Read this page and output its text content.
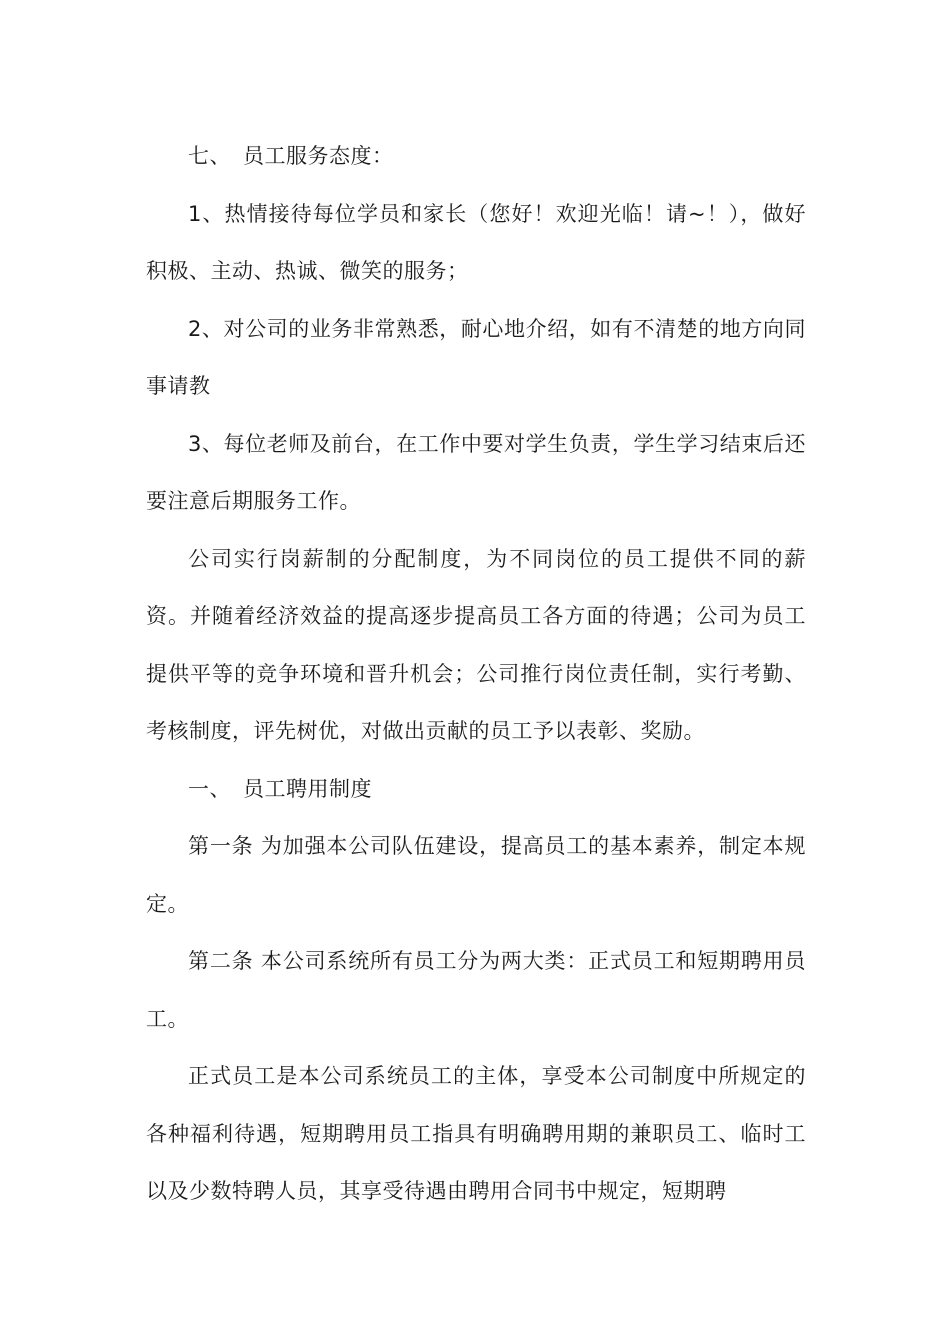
七、 员工服务态度：

1、热情接待每位学员和家长（您好！欢迎光临！请~！），做好积极、主动、热诚、微笑的服务；

2、对公司的业务非常熟悉，耐心地介绍，如有不清楚的地方向同事请教

3、每位老师及前台，在工作中要对学生负责，学生学习结束后还要注意后期服务工作。

公司实行岗薪制的分配制度，为不同岗位的员工提供不同的薪资。并随着经济效益的提高逐步提高员工各方面的待遇；公司为员工提供平等的竞争环境和晋升机会；公司推行岗位责任制，实行考勤、考核制度，评先树优，对做出贡献的员工予以表彰、奖励。

一、 员工聘用制度

第一条 为加强本公司队伍建设，提高员工的基本素养，制定本规定。

第二条 本公司系统所有员工分为两大类：正式员工和短期聘用员工。

正式员工是本公司系统员工的主体，享受本公司制度中所规定的各种福利待遇，短期聘用员工指具有明确聘用期的兼职员工、临时工以及少数特聘人员，其享受待遇由聘用合同书中规定，短期聘
